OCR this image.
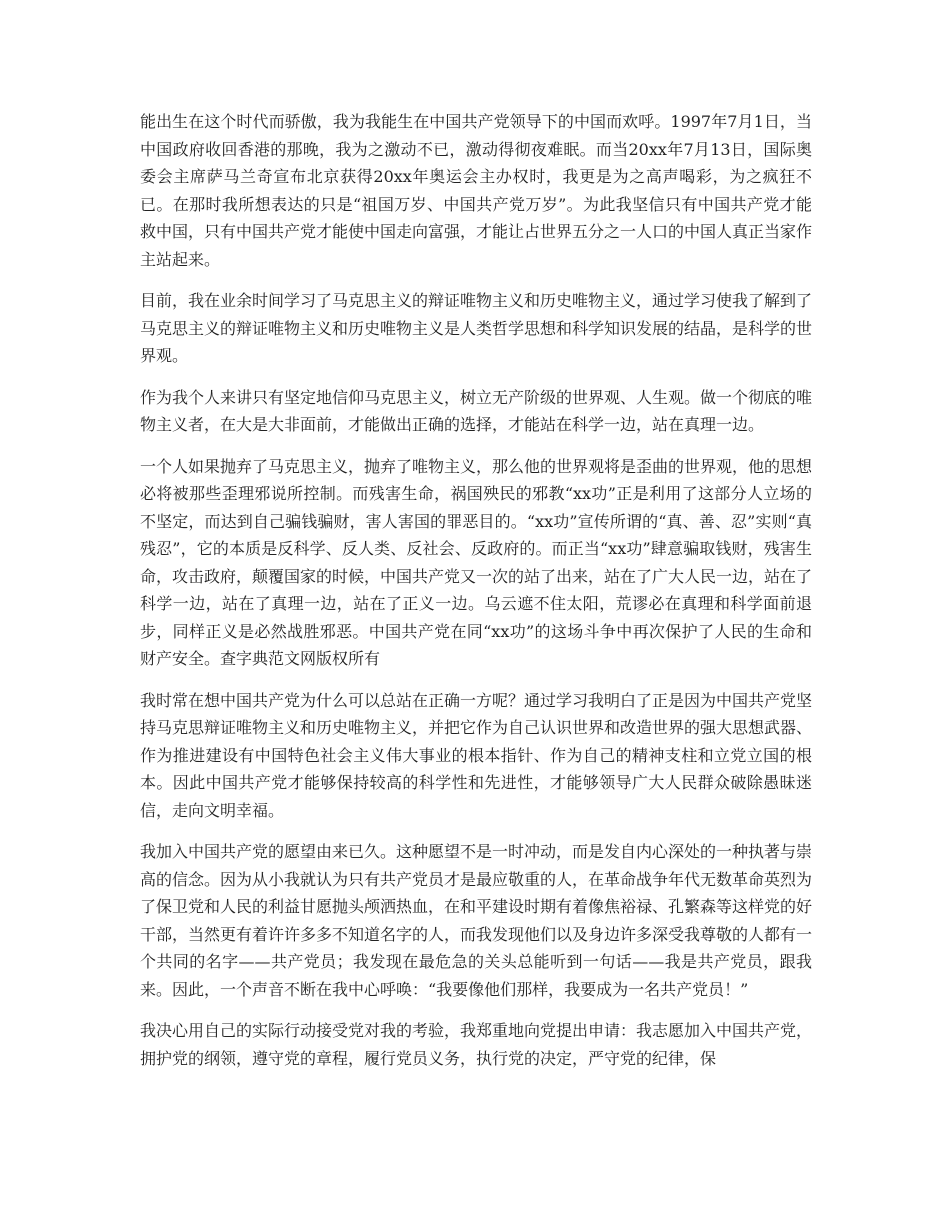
能出生在这个时代而骄傲，我为我能生在中国共产党领导下的中国而欢呼。1997年7月1日，当中国政府收回香港的那晚，我为之激动不已，激动得彻夜难眠。而当20xx年7月13日，国际奥委会主席萨马兰奇宣布北京获得20xx年奥运会主办权时，我更是为之高声喝彩，为之疯狂不已。在那时我所想表达的只是“祖国万岁、中国共产党万岁”。为此我坚信只有中国共产党才能救中国，只有中国共产党才能使中国走向富强，才能让占世界五分之一人口的中国人真正当家作主站起来。

目前，我在业余时间学习了马克思主义的辩证唯物主义和历史唯物主义，通过学习使我了解到了马克思主义的辩证唯物主义和历史唯物主义是人类哲学思想和科学知识发展的结晶，是科学的世界观。

作为我个人来讲只有坚定地信仰马克思主义，树立无产阶级的世界观、人生观。做一个彻底的唯物主义者，在大是大非面前，才能做出正确的选择，才能站在科学一边，站在真理一边。

一个人如果抛弃了马克思主义，抛弃了唯物主义，那么他的世界观将是歪曲的世界观，他的思想必将被那些歪理邪说所控制。而残害生命，祸国殃民的邪教“xx功”正是利用了这部分人立场的不坚定，而达到自己骗钱骗财，害人害国的罪恶目的。“xx功”宣传所谓的“真、善、忍”实则“真残忍”，它的本质是反科学、反人类、反社会、反政府的。而正当“xx功”肆意骗取钱财，残害生命，攻击政府，颠覆国家的时候，中国共产党又一次的站了出来，站在了广大人民一边，站在了科学一边，站在了真理一边，站在了正义一边。乌云遮不住太阳，荒谬必在真理和科学面前退步，同样正义是必然战胜邪恶。中国共产党在同“xx功”的这场斗争中再次保护了人民的生命和财产安全。查字典范文网版权所有

我时常在想中国共产党为什么可以总站在正确一方呢？通过学习我明白了正是因为中国共产党坚持马克思辩证唯物主义和历史唯物主义，并把它作为自己认识世界和改造世界的强大思想武器、作为推进建设有中国特色社会主义伟大事业的根本指针、作为自己的精神支柱和立党立国的根本。因此中国共产党才能够保持较高的科学性和先进性，才能够领导广大人民群众破除愚昧迷信，走向文明幸福。

我加入中国共产党的愿望由来已久。这种愿望不是一时冲动，而是发自内心深处的一种执著与崇高的信念。因为从小我就认为只有共产党员才是最应敬重的人，在革命战争年代无数革命英烈为了保卫党和人民的利益甘愿抛头颅洒热血，在和平建设时期有着像焦裕禄、孔繁森等这样党的好干部，当然更有着许许多多不知道名字的人，而我发现他们以及身边许多深受我尊敬的人都有一个共同的名字——共产党员；我发现在最危急的关头总能听到一句话——我是共产党员，跟我来。因此，一个声音不断在我中心呼唤：“我要像他们那样，我要成为一名共产党员！”

我决心用自己的实际行动接受党对我的考验，我郑重地向党提出申请：我志愿加入中国共产党，拥护党的纲领，遵守党的章程，履行党员义务，执行党的决定，严守党的纪律，保
